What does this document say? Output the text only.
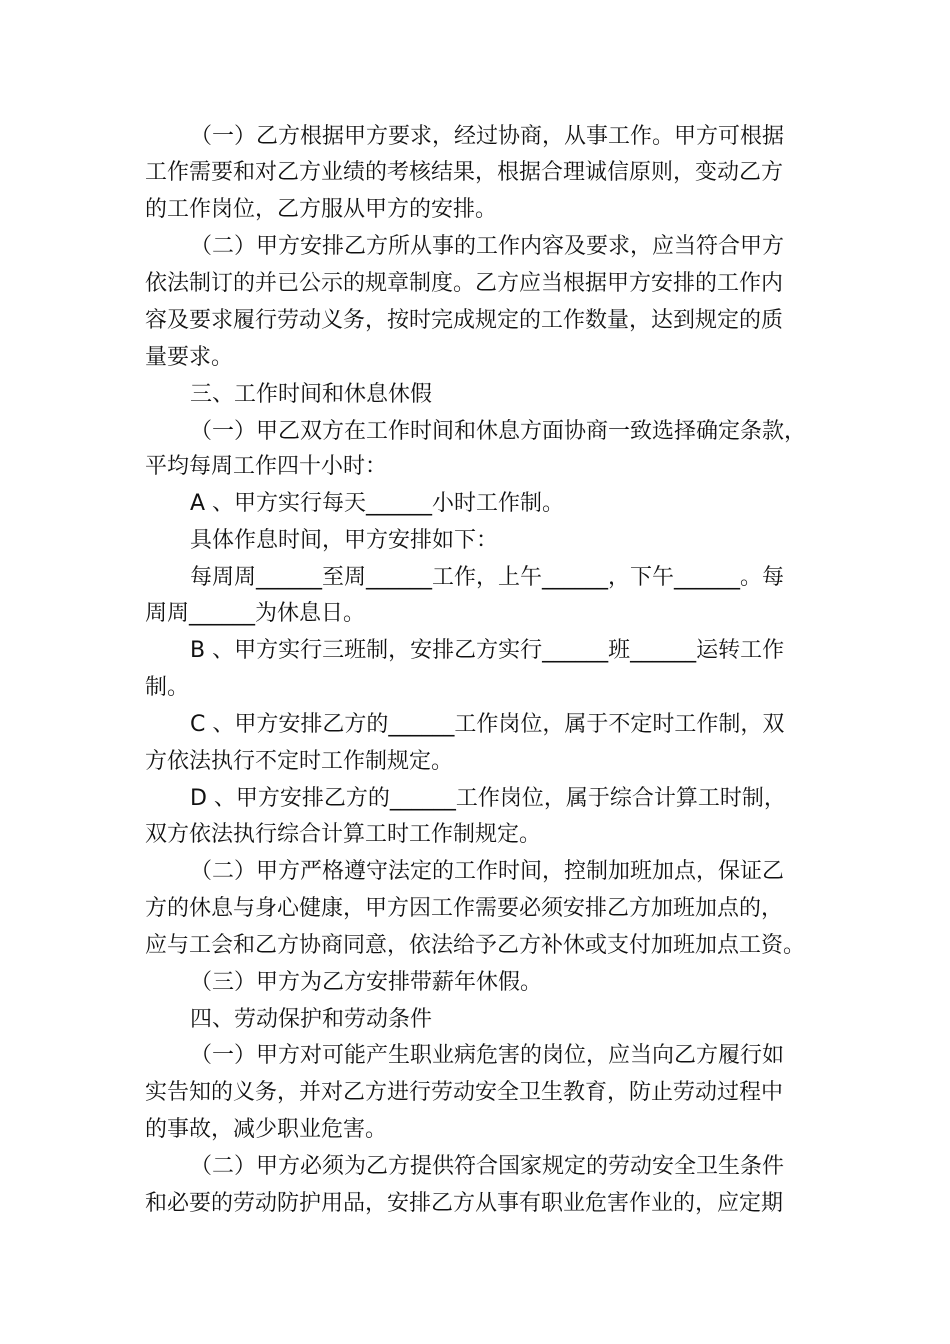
（一）乙方根据甲方要求，经过协商，从事工作。甲方可根据
工作需要和对乙方业绩的考核结果，根据合理诚信原则，变动乙方
的工作岗位，乙方服从甲方的安排。
（二）甲方安排乙方所从事的工作内容及要求，应当符合甲方
依法制订的并已公示的规章制度。乙方应当根据甲方安排的工作内
容及要求履行劳动义务，按时完成规定的工作数量，达到规定的质
量要求。
三、工作时间和休息休假
（一）甲乙双方在工作时间和休息方面协商一致选择确定条款，
平均每周工作四十小时：
A 、甲方实行每天______小时工作制。
具体作息时间，甲方安排如下：
每周周______至周______工作，上午______，下午______。每
周周______为休息日。
B 、甲方实行三班制，安排乙方实行______班______运转工作
制。
C 、甲方安排乙方的______工作岗位，属于不定时工作制，双
方依法执行不定时工作制规定。
D 、甲方安排乙方的______工作岗位，属于综合计算工时制，
双方依法执行综合计算工时工作制规定。
（二）甲方严格遵守法定的工作时间，控制加班加点，保证乙
方的休息与身心健康，甲方因工作需要必须安排乙方加班加点的，
应与工会和乙方协商同意，依法给予乙方补休或支付加班加点工资。
（三）甲方为乙方安排带薪年休假。
四、劳动保护和劳动条件
（一）甲方对可能产生职业病危害的岗位，应当向乙方履行如
实告知的义务，并对乙方进行劳动安全卫生教育，防止劳动过程中
的事故，减少职业危害。
（二）甲方必须为乙方提供符合国家规定的劳动安全卫生条件
和必要的劳动防护用品，安排乙方从事有职业危害作业的，应定期
